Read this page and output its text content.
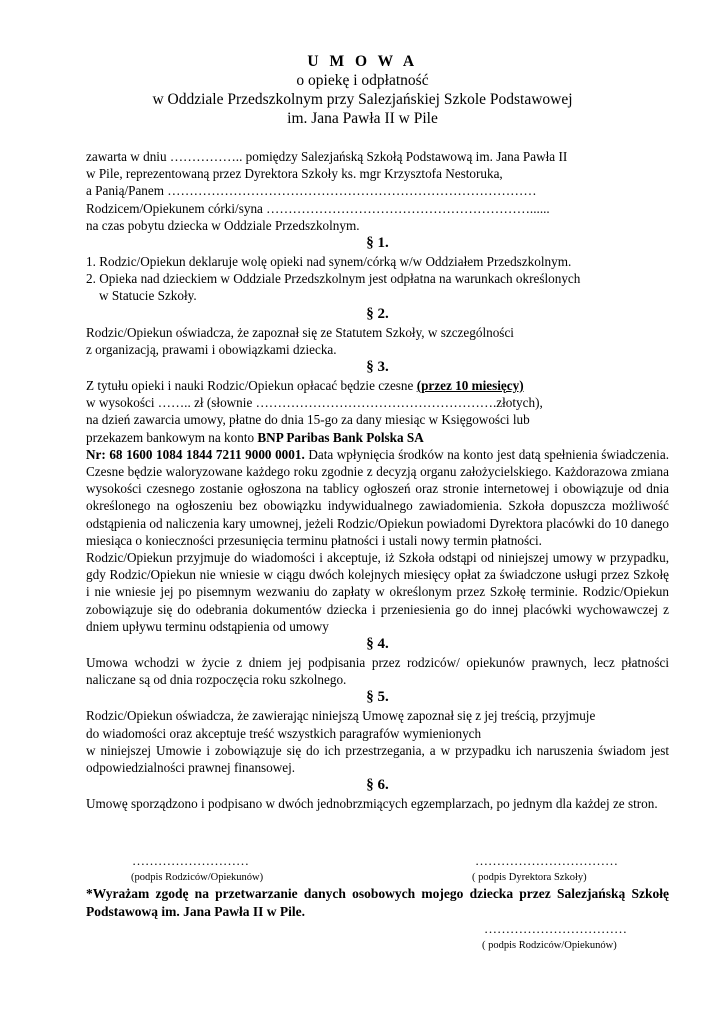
U M O W A
o opiekę i odpłatność
w Oddziale Przedszkolnym przy Salezjańskiej Szkole Podstawowej
im. Jana Pawła II w Pile
zawarta w dniu …………….. pomiędzy Salezjańską Szkołą Podstawową im. Jana Pawła II
w Pile, reprezentowaną przez Dyrektora Szkoły ks. mgr Krzysztofa Nestoruka,
a Panią/Panem …………………………………………………………………………
Rodzicem/Opiekunem córki/syna ……………………………………………………......
na czas pobytu dziecka w Oddziale Przedszkolnym.
§ 1.
1. Rodzic/Opiekun deklaruje wolę opieki nad synem/córką w/w Oddziałem Przedszkolnym.
2. Opieka nad dzieckiem w Oddziale Przedszkolnym jest odpłatna na warunkach określonych
w Statucie Szkoły.
§ 2.
Rodzic/Opiekun oświadcza, że zapoznał się ze Statutem Szkoły, w szczególności
z organizacją, prawami i obowiązkami dziecka.
§ 3.
Z tytułu opieki i nauki Rodzic/Opiekun opłacać będzie czesne (przez 10 miesięcy)
w wysokości …….. zł (słownie ……………………………………………….złotych),
na dzień zawarcia umowy, płatne do dnia 15-go za dany miesiąc w Księgowości lub
przekazem bankowym na konto BNP Paribas Bank Polska SA
Nr: 68 1600 1084 1844 7211 9000 0001. Data wpłynięcia środków na konto jest datą spełnienia świadczenia. Czesne będzie waloryzowane każdego roku zgodnie z decyzją organu założycielskiego. Każdorazowa zmiana wysokości czesnego zostanie ogłoszona na tablicy ogłoszeń oraz stronie internetowej i obowiązuje od dnia określonego na ogłoszeniu bez obowiązku indywidualnego zawiadomienia. Szkoła dopuszcza możliwość odstąpienia od naliczenia kary umownej, jeżeli Rodzic/Opiekun powiadomi Dyrektora placówki do 10 danego miesiąca o konieczności przesunięcia terminu płatności i ustali nowy termin płatności.
Rodzic/Opiekun przyjmuje do wiadomości i akceptuje, iż Szkoła odstąpi od niniejszej umowy w przypadku, gdy Rodzic/Opiekun nie wniesie w ciągu dwóch kolejnych miesięcy opłat za świadczone usługi przez Szkołę i nie wniesie jej po pisemnym wezwaniu do zapłaty w określonym przez Szkołę terminie. Rodzic/Opiekun zobowiązuje się do odebrania dokumentów dziecka i przeniesienia go do innej placówki wychowawczej z dniem upływu terminu odstąpienia od umowy
§ 4.
Umowa wchodzi w życie z dniem jej podpisania przez rodziców/ opiekunów prawnych, lecz płatności naliczane są od dnia rozpoczęcia roku szkolnego.
§ 5.
Rodzic/Opiekun oświadcza, że zawierając niniejszą Umowę zapoznał się z jej treścią, przyjmuje
do wiadomości oraz akceptuje treść wszystkich paragrafów wymienionych
w niniejszej Umowie i zobowiązuje się do ich przestrzegania, a w przypadku ich naruszenia świadom jest odpowiedzialności prawnej finansowej.
§ 6.
Umowę sporządzono i podpisano w dwóch jednobrzmiących egzemplarzach, po jednym dla każdej ze stron.
………………………
(podpis Rodziców/Opiekunów)
……………………………
( podpis Dyrektora Szkoły)
*Wyrażam zgodę na przetwarzanie danych osobowych mojego dziecka przez Salezjańską Szkołę Podstawową im. Jana Pawła II w Pile.
……………………………
( podpis Rodziców/Opiekunów)
